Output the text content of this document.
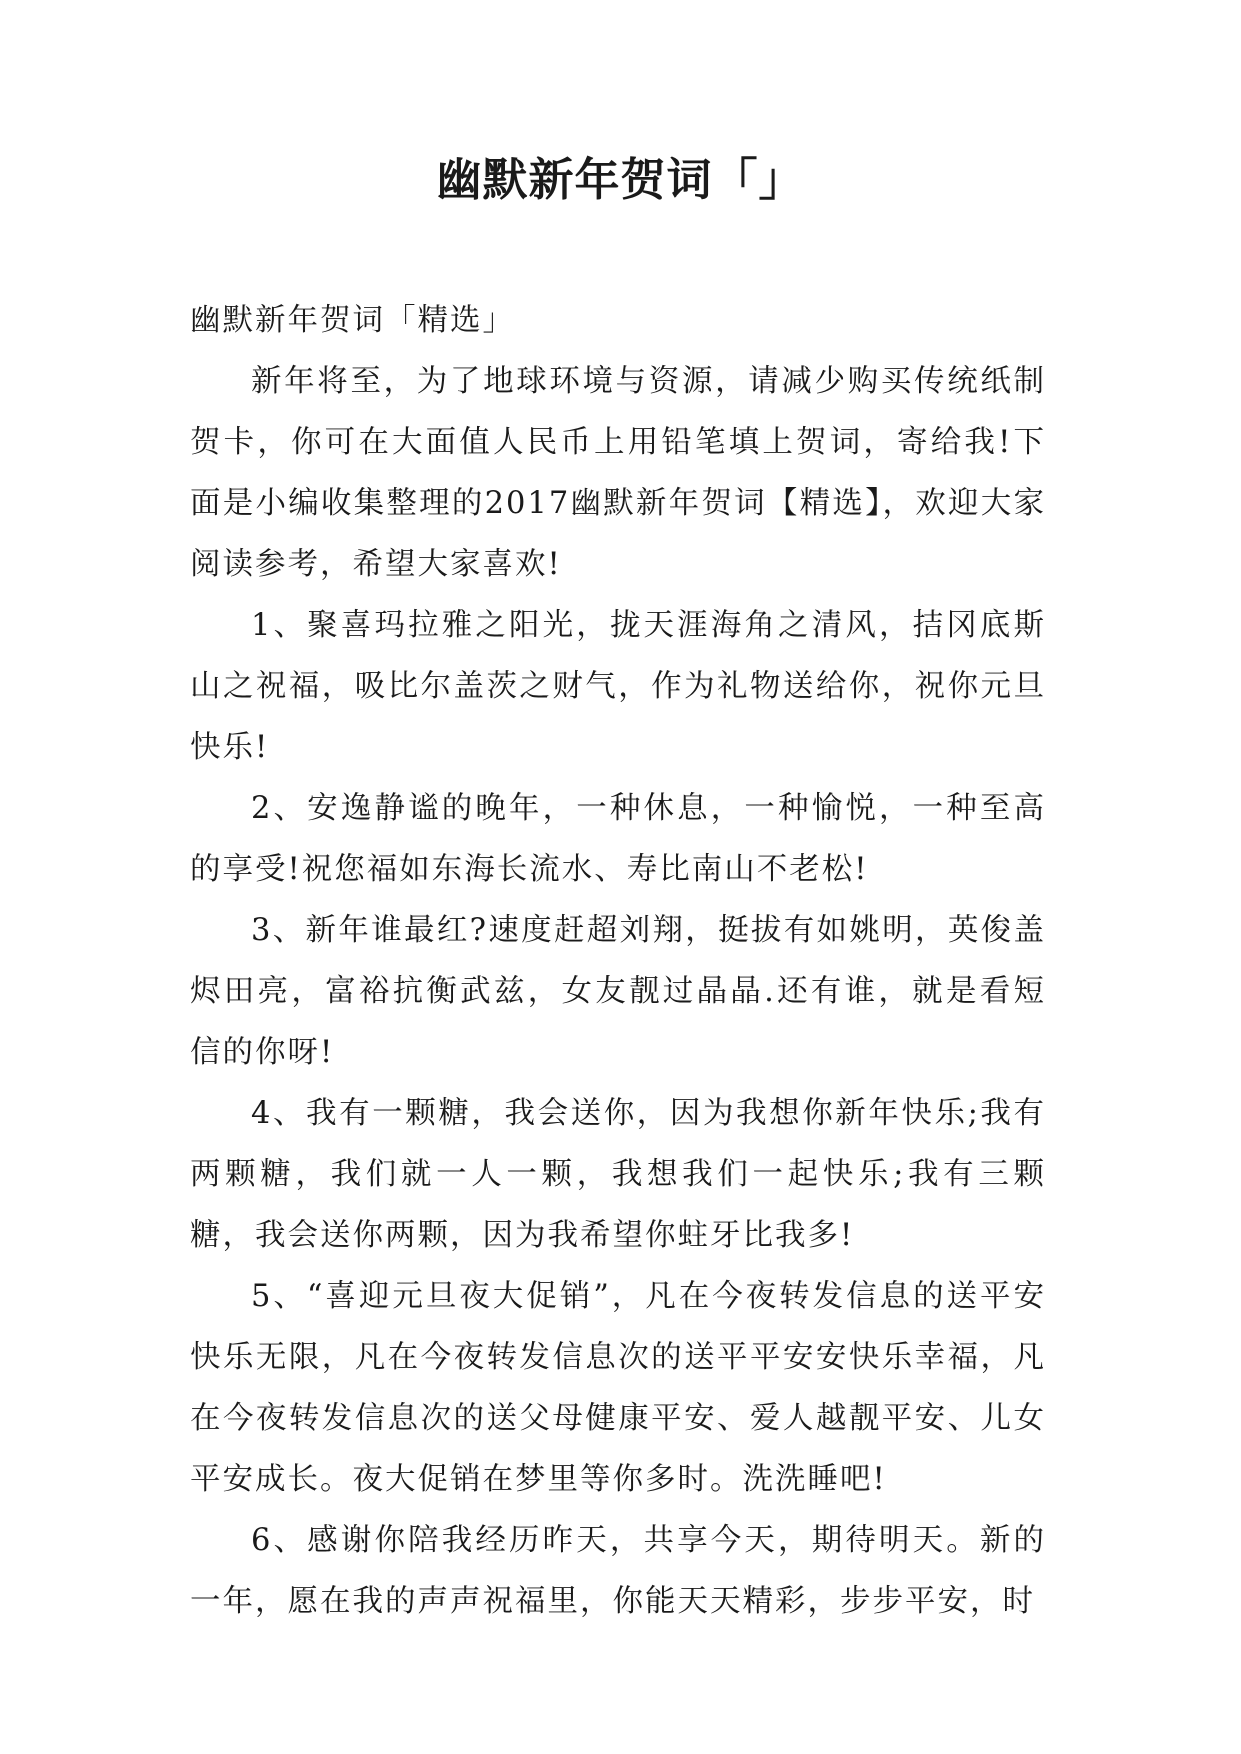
幽默新年贺词「」

幽默新年贺词「精选」

新年将至，为了地球环境与资源，请减少购买传统纸制贺卡，你可在大面值人民币上用铅笔填上贺词，寄给我!下面是小编收集整理的2017幽默新年贺词【精选】，欢迎大家阅读参考，希望大家喜欢!

1、聚喜玛拉雅之阳光，拢天涯海角之清风，拮冈底斯山之祝福，吸比尔盖茨之财气，作为礼物送给你，祝你元旦快乐!

2、安逸静谧的晚年，一种休息，一种愉悦，一种至高的享受!祝您福如东海长流水、寿比南山不老松!

3、新年谁最红?速度赶超刘翔，挺拔有如姚明，英俊盖烬田亮，富裕抗衡武兹，女友靓过晶晶.还有谁，就是看短信的你呀!

4、我有一颗糖，我会送你，因为我想你新年快乐;我有两颗糖，我们就一人一颗，我想我们一起快乐;我有三颗糖，我会送你两颗，因为我希望你蛀牙比我多!

5、“喜迎元旦夜大促销”，凡在今夜转发信息的送平安快乐无限，凡在今夜转发信息次的送平平安安快乐幸福，凡在今夜转发信息次的送父母健康平安、爱人越靓平安、儿女平安成长。夜大促销在梦里等你多时。洗洗睡吧!

6、感谢你陪我经历昨天，共享今天，期待明天。新的一年，愿在我的声声祝福里，你能天天精彩，步步平安，时
